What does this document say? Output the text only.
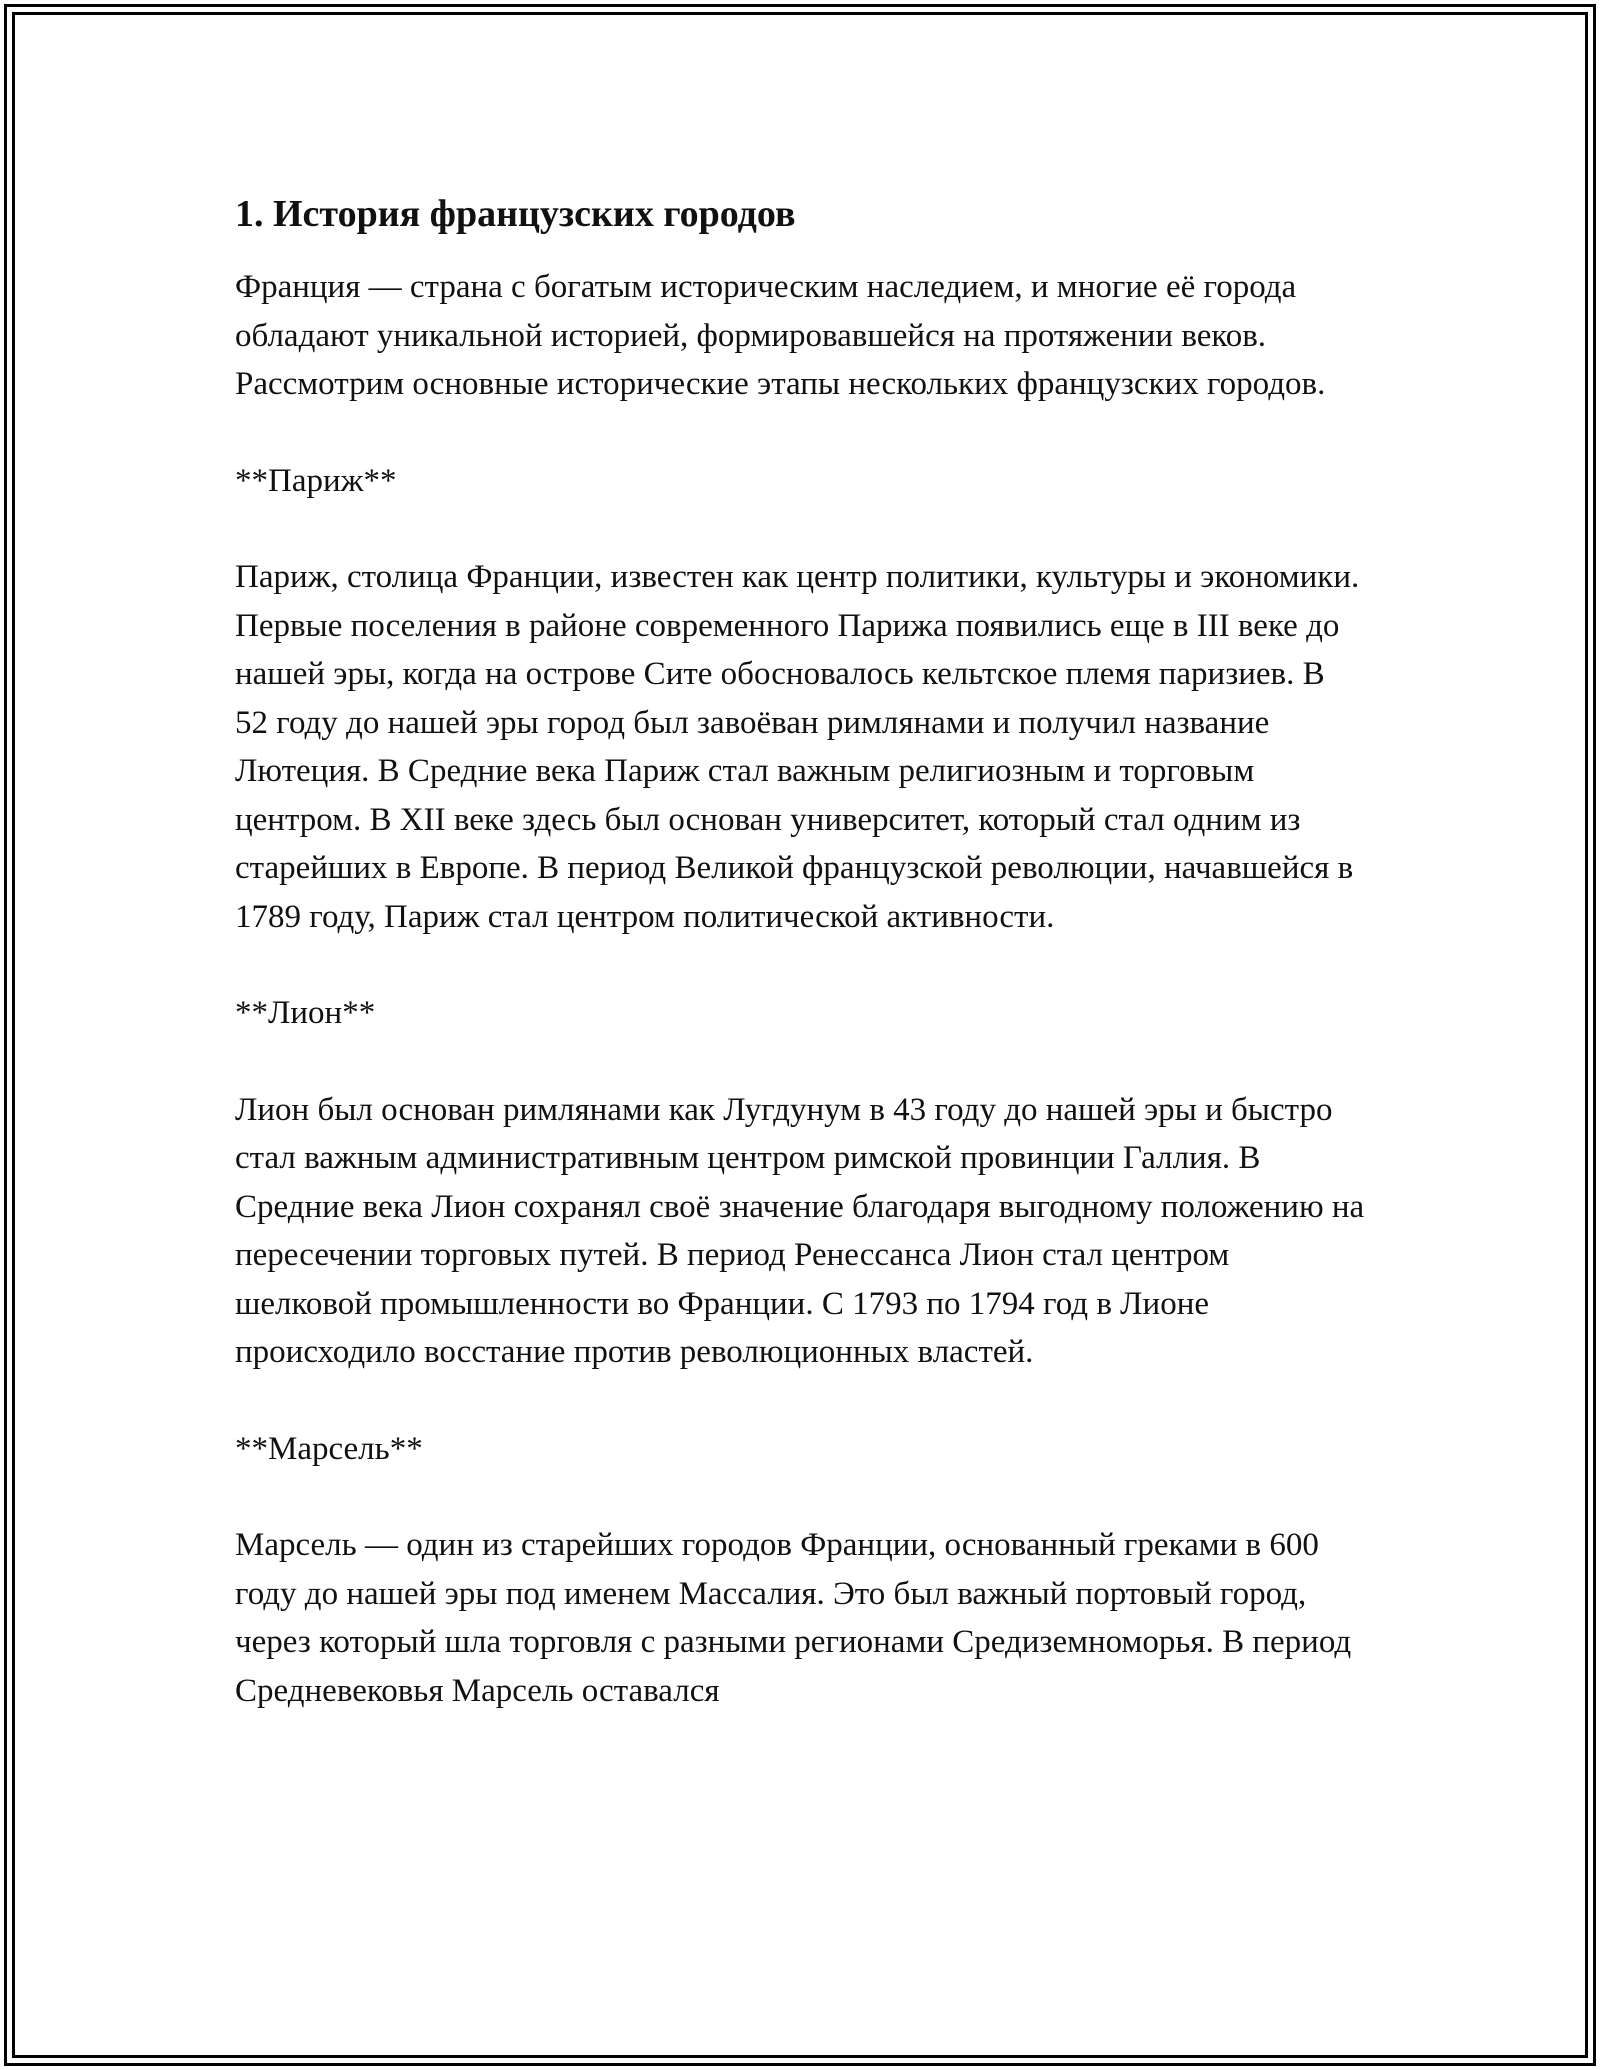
1. История французских городов

Франция — страна с богатым историческим наследием, и многие её города обладают уникальной историей, формировавшейся на протяжении веков. Рассмотрим основные исторические этапы нескольких французских городов.

**Париж**

Париж, столица Франции, известен как центр политики, культуры и экономики. Первые поселения в районе современного Парижа появились еще в III веке до нашей эры, когда на острове Сите обосновалось кельтское племя паризиев. В 52 году до нашей эры город был завоёван римлянами и получил название Лютеция. В Средние века Париж стал важным религиозным и торговым центром. В XII веке здесь был основан университет, который стал одним из старейших в Европе. В период Великой французской революции, начавшейся в 1789 году, Париж стал центром политической активности.

**Лион**

Лион был основан римлянами как Лугдунум в 43 году до нашей эры и быстро стал важным административным центром римской провинции Галлия. В Средние века Лион сохранял своё значение благодаря выгодному положению на пересечении торговых путей. В период Ренессанса Лион стал центром шелковой промышленности во Франции. С 1793 по 1794 год в Лионе происходило восстание против революционных властей.

**Марсель**

Марсель — один из старейших городов Франции, основанный греками в 600 году до нашей эры под именем Массалия. Это был важный портовый город, через который шла торговля с разными регионами Средиземноморья. В период Средневековья Марсель оставался
